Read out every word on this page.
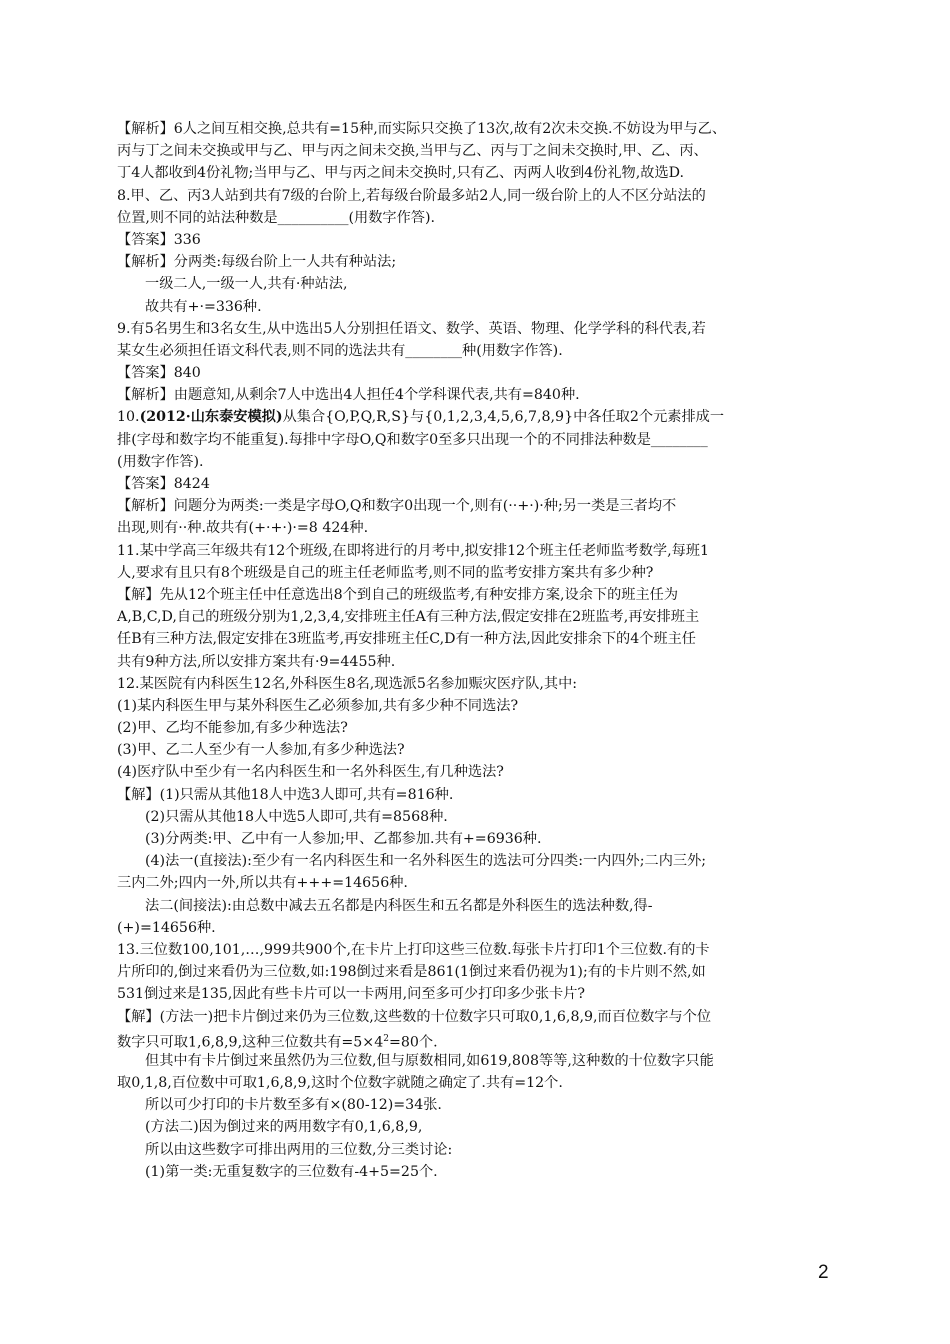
【解析】6人之间互相交换,总共有=15种,而实际只交换了13次,故有2次未交换.不妨设为甲与乙、
丙与丁之间未交换或甲与乙、甲与丙之间未交换,当甲与乙、丙与丁之间未交换时,甲、乙、丙、
丁4人都收到4份礼物;当甲与乙、甲与丙之间未交换时,只有乙、丙两人收到4份礼物,故选D.
8.甲、乙、丙3人站到共有7级的台阶上,若每级台阶最多站2人,同一级台阶上的人不区分站法的
位置,则不同的站法种数是__________(用数字作答).
【答案】336
【解析】分两类:每级台阶上一人共有种站法;
一级二人,一级一人,共有·种站法,
故共有+·=336种.
9.有5名男生和3名女生,从中选出5人分别担任语文、数学、英语、物理、化学学科的科代表,若
某女生必须担任语文科代表,则不同的选法共有________种(用数字作答).
【答案】840
【解析】由题意知,从剩余7人中选出4人担任4个学科课代表,共有=840种.
10.(2012·山东泰安模拟)从集合{O,P,Q,R,S}与{0,1,2,3,4,5,6,7,8,9}中各任取2个元素排成一
排(字母和数字均不能重复).每排中字母O,Q和数字0至多只出现一个的不同排法种数是________
(用数字作答).
【答案】8424
【解析】问题分为两类:一类是字母O,Q和数字0出现一个,则有(··+·)·种;另一类是三者均不
出现,则有··种.故共有(+·+·)·=8 424种.
11.某中学高三年级共有12个班级,在即将进行的月考中,拟安排12个班主任老师监考数学,每班1
人,要求有且只有8个班级是自己的班主任老师监考,则不同的监考安排方案共有多少种?
【解】先从12个班主任中任意选出8个到自己的班级监考,有种安排方案,设余下的班主任为
A,B,C,D,自己的班级分别为1,2,3,4,安排班主任A有三种方法,假定安排在2班监考,再安排班主
任B有三种方法,假定安排在3班监考,再安排班主任C,D有一种方法,因此安排余下的4个班主任
共有9种方法,所以安排方案共有·9=4455种.
12.某医院有内科医生12名,外科医生8名,现选派5名参加赈灾医疗队,其中:
(1)某内科医生甲与某外科医生乙必须参加,共有多少种不同选法?
(2)甲、乙均不能参加,有多少种选法?
(3)甲、乙二人至少有一人参加,有多少种选法?
(4)医疗队中至少有一名内科医生和一名外科医生,有几种选法?
【解】(1)只需从其他18人中选3人即可,共有=816种.
(2)只需从其他18人中选5人即可,共有=8568种.
(3)分两类:甲、乙中有一人参加;甲、乙都参加.共有+=6936种.
(4)法一(直接法):至少有一名内科医生和一名外科医生的选法可分四类:一内四外;二内三外;
三内二外;四内一外,所以共有+++=14656种.
法二(间接法):由总数中减去五名都是内科医生和五名都是外科医生的选法种数,得-
(+)=14656种.
13.三位数100,101,…,999共900个,在卡片上打印这些三位数.每张卡片打印1个三位数.有的卡
片所印的,倒过来看仍为三位数,如:198倒过来看是861(1倒过来看仍视为1);有的卡片则不然,如
531倒过来是135,因此有些卡片可以一卡两用,问至多可少打印多少张卡片?
【解】(方法一)把卡片倒过来仍为三位数,这些数的十位数字只可取0,1,6,8,9,而百位数字与个位
数字只可取1,6,8,9,这种三位数共有$=5\times 4^2=80$个.
但其中有卡片倒过来虽然仍为三位数,但与原数相同,如619,808等等,这种数的十位数字只能
取0,1,8,百位数中可取1,6,8,9,这时个位数字就随之确定了.共有=12个.
所以可少打印的卡片数至多有×(80-12)=34张.
(方法二)因为倒过来的两用数字有0,1,6,8,9,
所以由这些数字可排出两用的三位数,分三类讨论:
(1)第一类:无重复数字的三位数有-4+5=25个.
2
